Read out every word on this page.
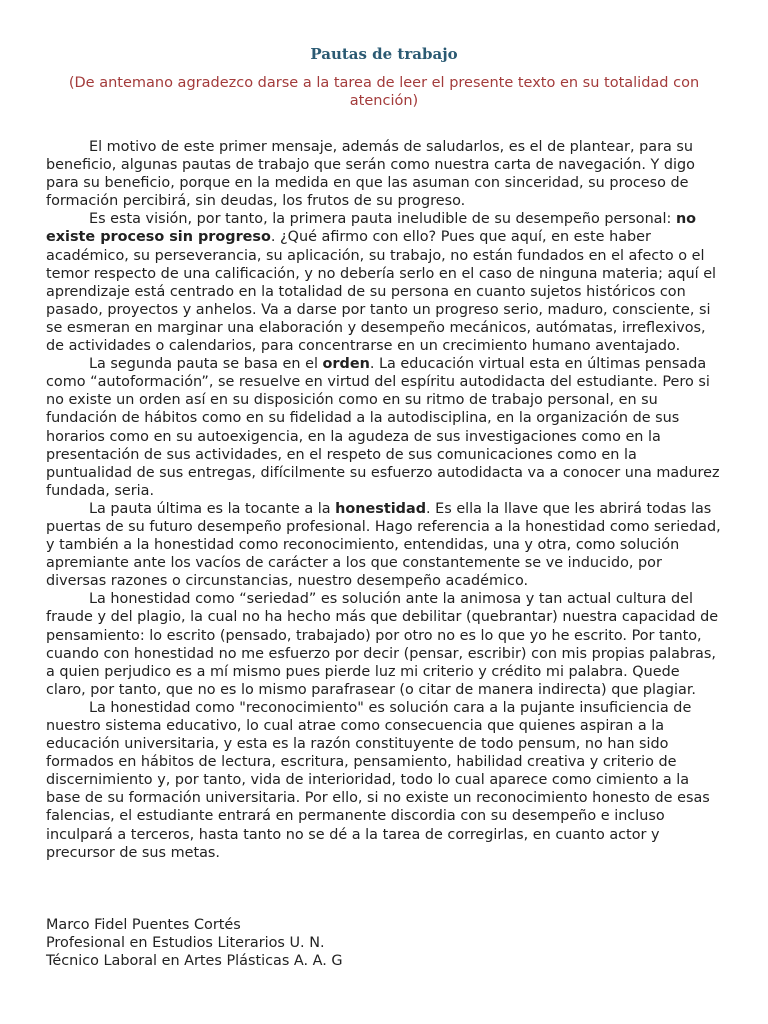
Pautas de trabajo

(De antemano agradezco darse a la tarea de leer el presente texto en su totalidad con atención)

El motivo de este primer mensaje, además de saludarlos, es el de plantear, para su beneficio, algunas pautas de trabajo que serán como nuestra carta de navegación. Y digo para su beneficio, porque en la medida en que las asuman con sinceridad, su proceso de formación percibirá, sin deudas, los frutos de su progreso.

Es esta visión, por tanto, la primera pauta ineludible de su desempeño personal: no existe proceso sin progreso. ¿Qué afirmo con ello? Pues que aquí, en este haber académico, su perseverancia, su aplicación, su trabajo, no están fundados en el afecto o el temor respecto de una calificación, y no debería serlo en el caso de ninguna materia; aquí el aprendizaje está centrado en la totalidad de su persona en cuanto sujetos históricos con pasado, proyectos y anhelos. Va a darse por tanto un progreso serio, maduro, consciente, si se esmeran en marginar una elaboración y desempeño mecánicos, autómatas, irreflexivos, de actividades o calendarios, para concentrarse en un crecimiento humano aventajado.

La segunda pauta se basa en el orden. La educación virtual esta en últimas pensada como “autoformación”, se resuelve en virtud del espíritu autodidacta del estudiante. Pero si no existe un orden así en su disposición como en su ritmo de trabajo personal, en su fundación de hábitos como en su fidelidad a la autodisciplina, en la organización de sus horarios como en su autoexigencia, en la agudeza de sus investigaciones como en la presentación de sus actividades, en el respeto de sus comunicaciones como en la puntualidad de sus entregas, difícilmente su esfuerzo autodidacta va a conocer una madurez fundada, seria.

La pauta última es la tocante a la honestidad. Es ella la llave que les abrirá todas las puertas de su futuro desempeño profesional. Hago referencia a la honestidad como seriedad, y también a la honestidad como reconocimiento, entendidas, una y otra, como solución apremiante ante los vacíos de carácter a los que constantemente se ve inducido, por diversas razones o circunstancias, nuestro desempeño académico.

La honestidad como “seriedad” es solución ante la animosa y tan actual cultura del fraude y del plagio, la cual no ha hecho más que debilitar (quebrantar) nuestra capacidad de pensamiento: lo escrito (pensado, trabajado) por otro no es lo que yo he escrito. Por tanto, cuando con honestidad no me esfuerzo por decir (pensar, escribir) con mis propias palabras, a quien perjudico es a mí mismo pues pierde luz mi criterio y crédito mi palabra. Quede claro, por tanto, que no es lo mismo parafrasear (o citar de manera indirecta) que plagiar.

La honestidad como "reconocimiento" es solución cara a la pujante insuficiencia de nuestro sistema educativo, lo cual atrae como consecuencia que quienes aspiran a la educación universitaria, y esta es la razón constituyente de todo pensum, no han sido formados en hábitos de lectura, escritura, pensamiento, habilidad creativa y criterio de discernimiento y, por tanto, vida de interioridad, todo lo cual aparece como cimiento a la base de su formación universitaria. Por ello, si no existe un reconocimiento honesto de esas falencias, el estudiante entrará en permanente discordia con su desempeño e incluso inculpará a terceros, hasta tanto no se dé a la tarea de corregirlas, en cuanto actor y precursor de sus metas.

Marco Fidel Puentes Cortés
Profesional en Estudios Literarios U. N.
Técnico Laboral en Artes Plásticas A. A. G
